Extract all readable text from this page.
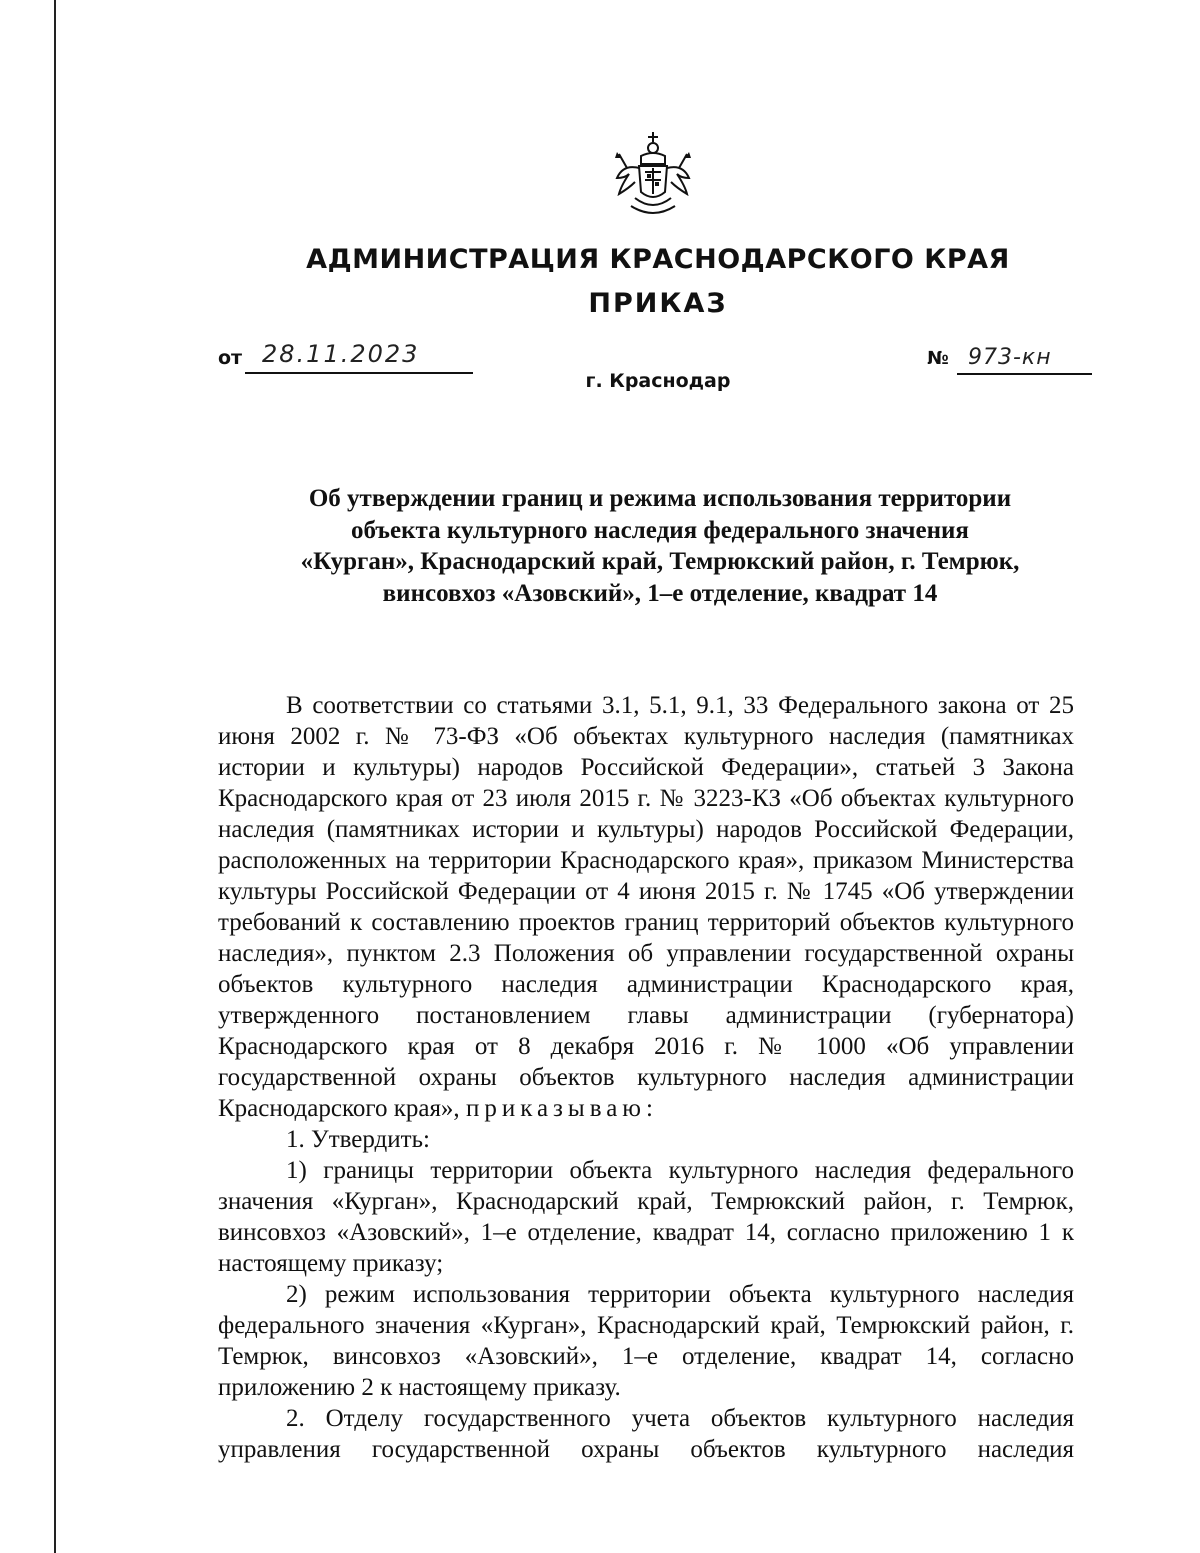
АДМИНИСТРАЦИЯ КРАСНОДАРСКОГО КРАЯ
ПРИКАЗ
от 28.11.2023	№ 973-кн
г. Краснодар
Об утверждении границ и режима использования территории
объекта культурного наследия федерального значения
«Курган», Краснодарский край, Темрюкский район, г. Темрюк,
винсовхоз «Азовский», 1–е отделение, квадрат 14

В соответствии со статьями 3.1, 5.1, 9.1, 33 Федерального закона от 25 июня 2002 г. № 73-ФЗ «Об объектах культурного наследия (памятниках истории и культуры) народов Российской Федерации», статьей 3 Закона Краснодарского края от 23 июля 2015 г. № 3223-КЗ «Об объектах культурного наследия (памятниках истории и культуры) народов Российской Федерации, расположенных на территории Краснодарского края», приказом Министерства культуры Российской Федерации от 4 июня 2015 г. № 1745 «Об утверждении требований к составлению проектов границ территорий объектов культурного наследия», пунктом 2.3 Положения об управлении государственной охраны объектов культурного наследия администрации Краснодарского края, утвержденного постановлением главы администрации (губернатора) Краснодарского края от 8 декабря 2016 г. № 1000 «Об управлении государственной охраны объектов культурного наследия администрации Краснодарского края», приказываю:

1. Утвердить:

1) границы территории объекта культурного наследия федерального значения «Курган», Краснодарский край, Темрюкский район, г. Темрюк, винсовхоз «Азовский», 1–е отделение, квадрат 14, согласно приложению 1 к настоящему приказу;

2) режим использования территории объекта культурного наследия федерального значения «Курган», Краснодарский край, Темрюкский район, г. Темрюк, винсовхоз «Азовский», 1–е отделение, квадрат 14, согласно приложению 2 к настоящему приказу.

2. Отделу государственного учета объектов культурного наследия управления государственной охраны объектов культурного наследия
